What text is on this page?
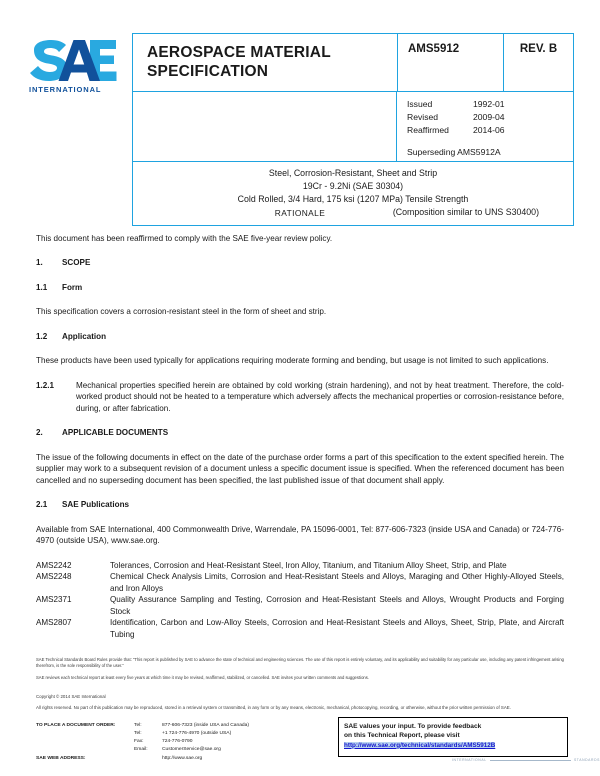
INTERNATIONAL
AEROSPACE MATERIAL
SPECIFICATION
AMS5912	REV. B
Issued	1992-01
Revised	2009-04
Reaffirmed	2014-06
Superseding AMS5912A
Steel, Corrosion-Resistant, Sheet and Strip
19Cr - 9.2Ni (SAE 30304)
Cold Rolled, 3/4 Hard, 175 ksi (1207 MPa) Tensile Strength
(Composition similar to UNS S30400)
RATIONALE

This document has been reaffirmed to comply with the SAE five-year review policy.

1. SCOPE
1.1 Form

This specification covers a corrosion-resistant steel in the form of sheet and strip.

1.2 Application

These products have been used typically for applications requiring moderate forming and bending, but usage is not limited to such applications.

1.2.1	Mechanical properties specified herein are obtained by cold working (strain hardening), and not by heat treatment. Therefore, the cold-worked product should not be heated to a temperature which adversely affects the mechanical properties or corrosion-resistance before, during, or after fabrication.
2. APPLICABLE DOCUMENTS

The issue of the following documents in effect on the date of the purchase order forms a part of this specification to the extent specified herein. The supplier may work to a subsequent revision of a document unless a specific document issue is specified. When the referenced document has been cancelled and no superseding document has been specified, the last published issue of that document shall apply.

2.1 SAE Publications

Available from SAE International, 400 Commonwealth Drive, Warrendale, PA 15096-0001, Tel: 877-606-7323 (inside USA and Canada) or 724-776-4970 (outside USA), www.sae.org.

AMS2242	Tolerances, Corrosion and Heat-Resistant Steel, Iron Alloy, Titanium, and Titanium Alloy Sheet, Strip, and Plate
AMS2248	Chemical Check Analysis Limits, Corrosion and Heat-Resistant Steels and Alloys, Maraging and Other Highly-Alloyed Steels, and Iron Alloys
AMS2371	Quality Assurance Sampling and Testing, Corrosion and Heat-Resistant Steels and Alloys, Wrought Products and Forging Stock
AMS2807	Identification, Carbon and Low-Alloy Steels, Corrosion and Heat-Resistant Steels and Alloys, Sheet, Strip, Plate, and Aircraft Tubing

SAE Technical Standards Board Rules provide that: “This report is published by SAE to advance the state of technical and engineering sciences. The use of this report is entirely voluntary, and its applicability and suitability for any particular use, including any patent infringement arising therefrom, is the sole responsibility of the user.”

SAE reviews each technical report at least every five years at which time it may be revised, reaffirmed, stabilized, or cancelled. SAE invites your written comments and suggestions.

Copyright © 2014 SAE International

All rights reserved. No part of this publication may be reproduced, stored in a retrieval system or transmitted, in any form or by any means, electronic, mechanical, photocopying, recording, or otherwise, without the prior written permission of SAE.

TO PLACE A DOCUMENT ORDER:	Tel:	877-606-7323 (inside USA and Canada)
Tel:	+1 724-776-4970 (outside USA)
Fax:	724-776-0790
Email:	CustomerService@sae.org
SAE WEB ADDRESS:	http://www.sae.org
SAE values your input. To provide feedback
on this Technical Report, please visit
http://www.sae.org/technical/standards/AMS5912B
INTERNATIONAL	STANDARDS
